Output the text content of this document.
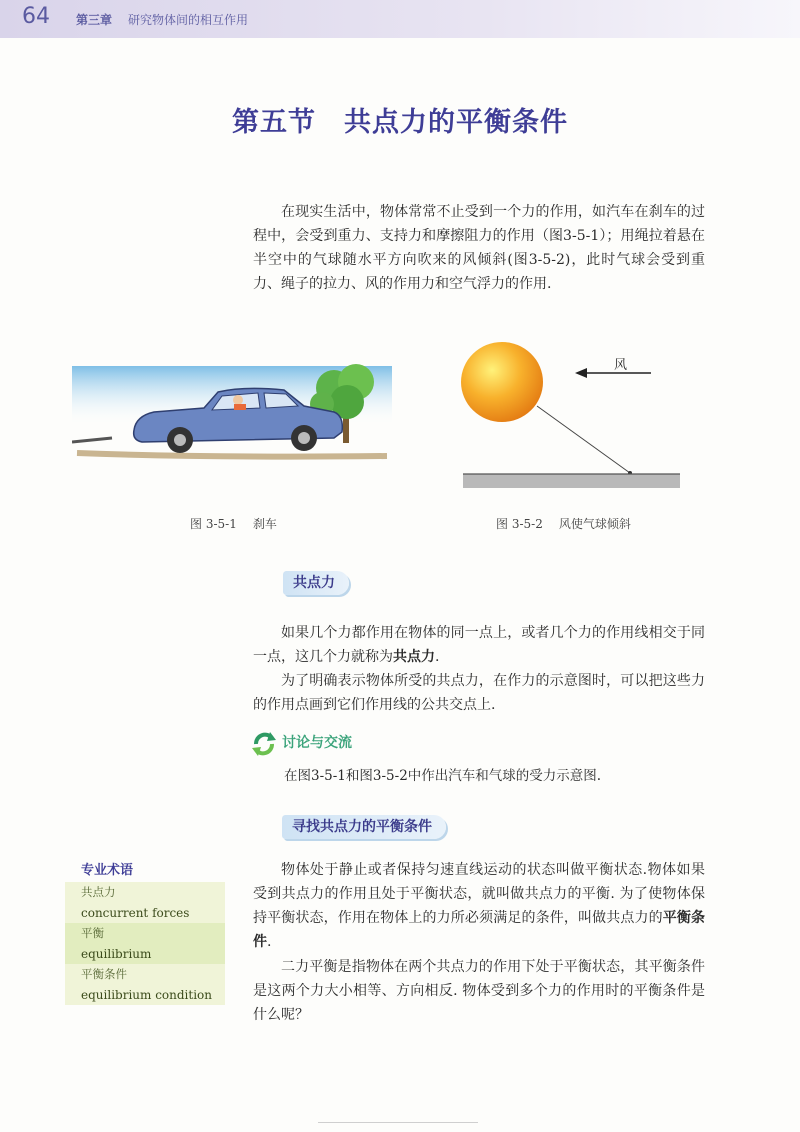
64 第三章 研究物体间的相互作用
第五节　共点力的平衡条件

在现实生活中，物体常常不止受到一个力的作用，如汽车在刹车的过程中，会受到重力、支持力和摩擦阻力的作用（图3-5-1）；用绳拉着悬在半空中的气球随水平方向吹来的风倾斜(图3-5-2)，此时气球会受到重力、绳子的拉力、风的作用力和空气浮力的作用.

风
图 3-5-1 刹车	图 3-5-2 风使气球倾斜
共点力

如果几个力都作用在物体的同一点上，或者几个力的作用线相交于同一点，这几个力就称为共点力.

为了明确表示物体所受的共点力，在作力的示意图时，可以把这些力的作用点画到它们作用线的公共交点上.

讨论与交流
在图3-5-1和图3-5-2中作出汽车和气球的受力示意图.
寻找共点力的平衡条件

物体处于静止或者保持匀速直线运动的状态叫做平衡状态.物体如果受到共点力的作用且处于平衡状态，就叫做共点力的平衡. 为了使物体保持平衡状态，作用在物体上的力所必须满足的条件，叫做共点力的平衡条件.

二力平衡是指物体在两个共点力的作用下处于平衡状态，其平衡条件是这两个力大小相等、方向相反. 物体受到多个力的作用时的平衡条件是什么呢？

专业术语
共点力
concurrent forces
平衡
equilibrium
平衡条件
equilibrium condition
